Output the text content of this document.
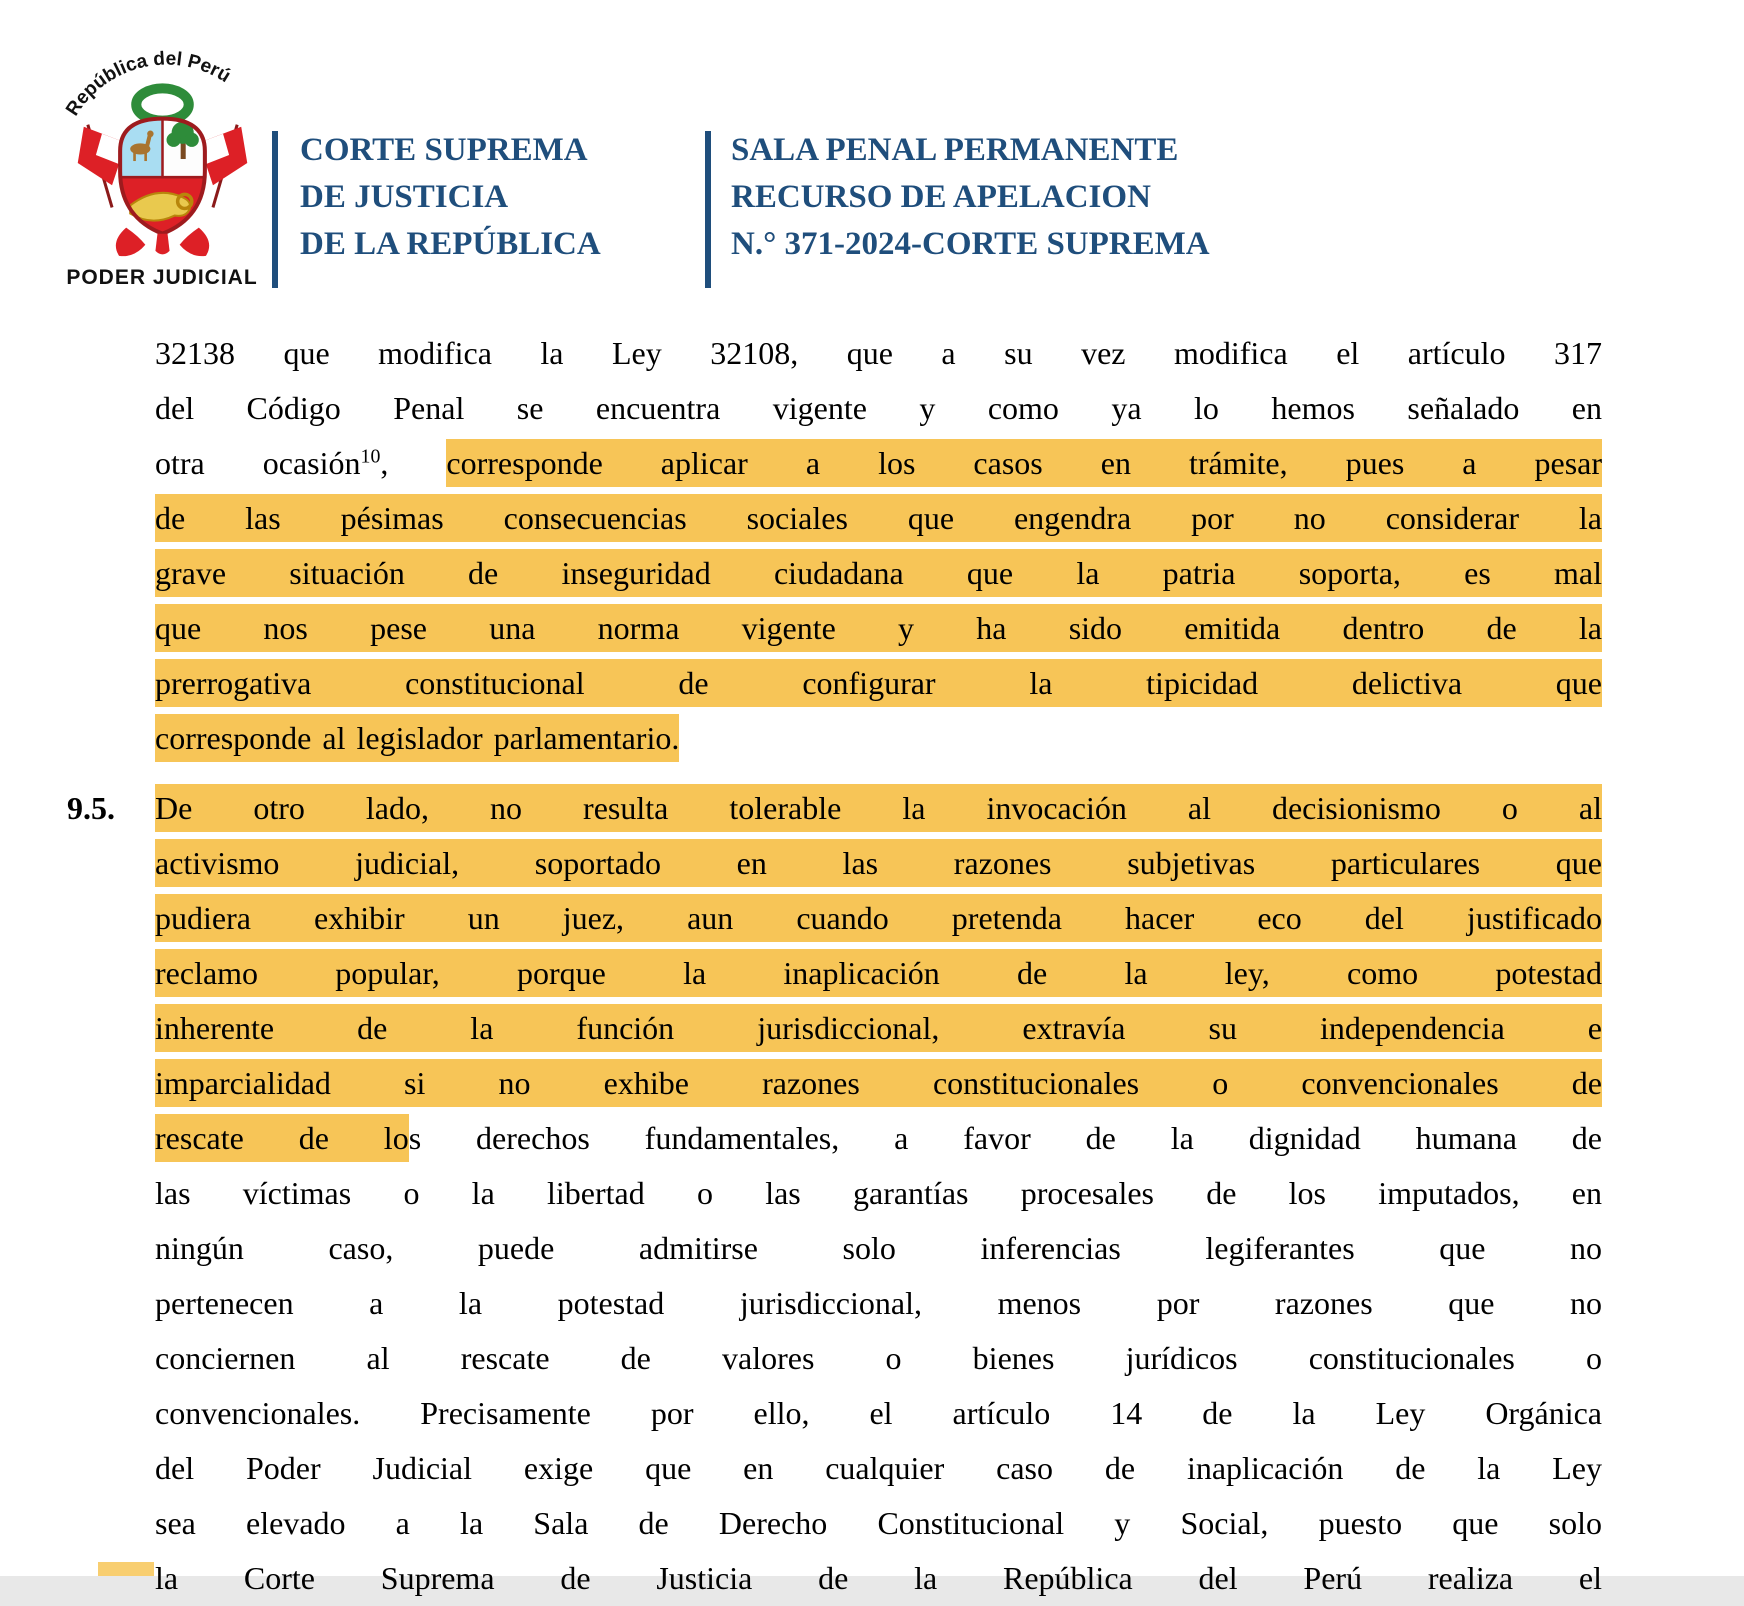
República del Perú
PODER JUDICIAL
CORTE SUPREMA
DE JUSTICIA
DE LA REPÚBLICA
SALA PENAL PERMANENTE
RECURSO DE APELACION
N.° 371-2024-CORTE SUPREMA
32138 que modifica la Ley 32108, que a su vez modifica el artículo 317
del Código Penal se encuentra vigente y como ya lo hemos señalado en
otra ocasión$^{10}$, corresponde aplicar a los casos en trámite, pues a pesar
de las pésimas consecuencias sociales que engendra por no considerar la
grave situación de inseguridad ciudadana que la patria soporta, es mal
que nos pese una norma vigente y ha sido emitida dentro de la
prerrogativa constitucional de configurar la tipicidad delictiva que
corresponde al legislador parlamentario.
9.5. De otro lado, no resulta tolerable la invocación al decisionismo o al
activismo judicial, soportado en las razones subjetivas particulares que
pudiera exhibir un juez, aun cuando pretenda hacer eco del justificado
reclamo popular, porque la inaplicación de la ley, como potestad
inherente de la función jurisdiccional, extravía su independencia e
imparcialidad si no exhibe razones constitucionales o convencionales de
rescate de los derechos fundamentales, a favor de la dignidad humana de
las víctimas o la libertad o las garantías procesales de los imputados, en
ningún caso, puede admitirse solo inferencias legiferantes que no
pertenecen a la potestad jurisdiccional, menos por razones que no
conciernen al rescate de valores o bienes jurídicos constitucionales o
convencionales. Precisamente por ello, el artículo 14 de la Ley Orgánica
del Poder Judicial exige que en cualquier caso de inaplicación de la Ley
sea elevado a la Sala de Derecho Constitucional y Social, puesto que solo
la Corte Suprema de Justicia de la República del Perú realiza el
